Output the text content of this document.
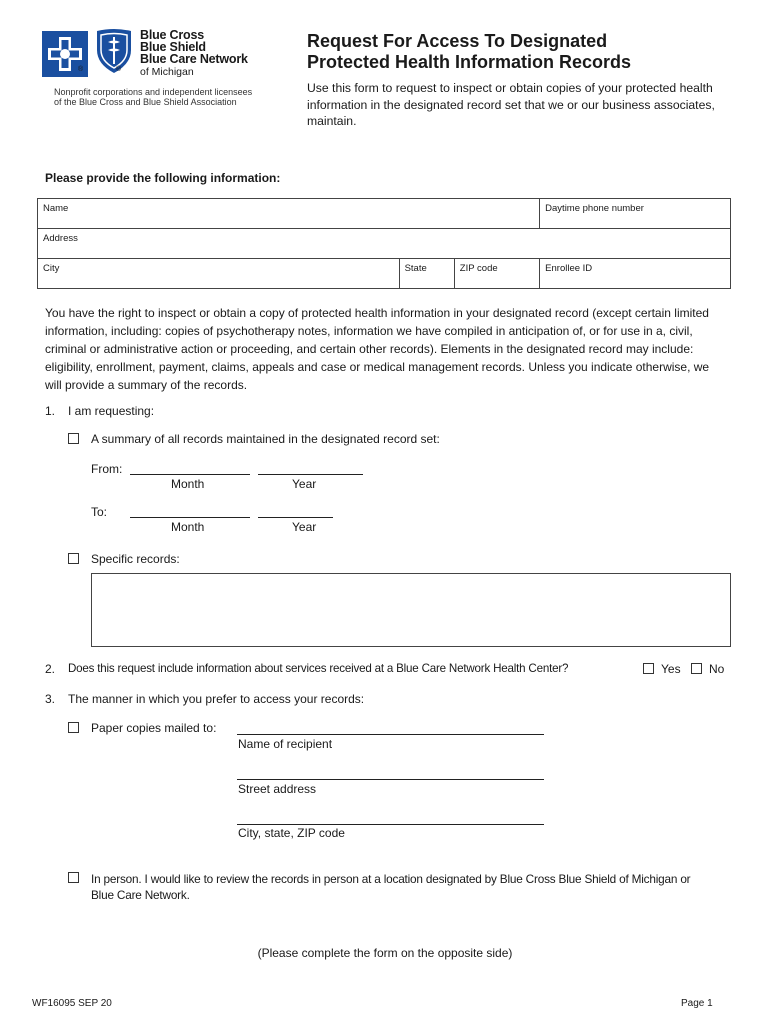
®	®
Blue Cross
Blue Shield
Blue Care Network
of Michigan
Nonprofit corporations and independent licensees
of the Blue Cross and Blue Shield Association
Request For Access To Designated
Protected Health Information Records
Use this form to request to inspect or obtain copies of your protected health information in the designated record set that we or our business associates, maintain.
Please provide the following information:
Name			Daytime phone number
Address			
City	State	ZIP code	Enrollee ID
You have the right to inspect or obtain a copy of protected health information in your designated record (except certain limited information, including: copies of psychotherapy notes, information we have compiled in anticipation of, or for use in a, civil, criminal or administrative action or proceeding, and certain other records). Elements in the designated record may include: eligibility, enrollment, payment, claims, appeals and case or medical management records. Unless you indicate otherwise, we will provide a summary of the records.
1. I am requesting:
A summary of all records maintained in the designated record set:
From:
Month	Year
To:
Month	Year
Specific records:
2. Does this request include information about services received at a Blue Care Network Health Center?	Yes No
3. The manner in which you prefer to access your records:
Paper copies mailed to:
Name of recipient
Street address
City, state, ZIP code
In person. I would like to review the records in person at a location designated by Blue Cross Blue Shield of Michigan or Blue Care Network.
(Please complete the form on the opposite side)
WF16095 SEP 20	Page 1
